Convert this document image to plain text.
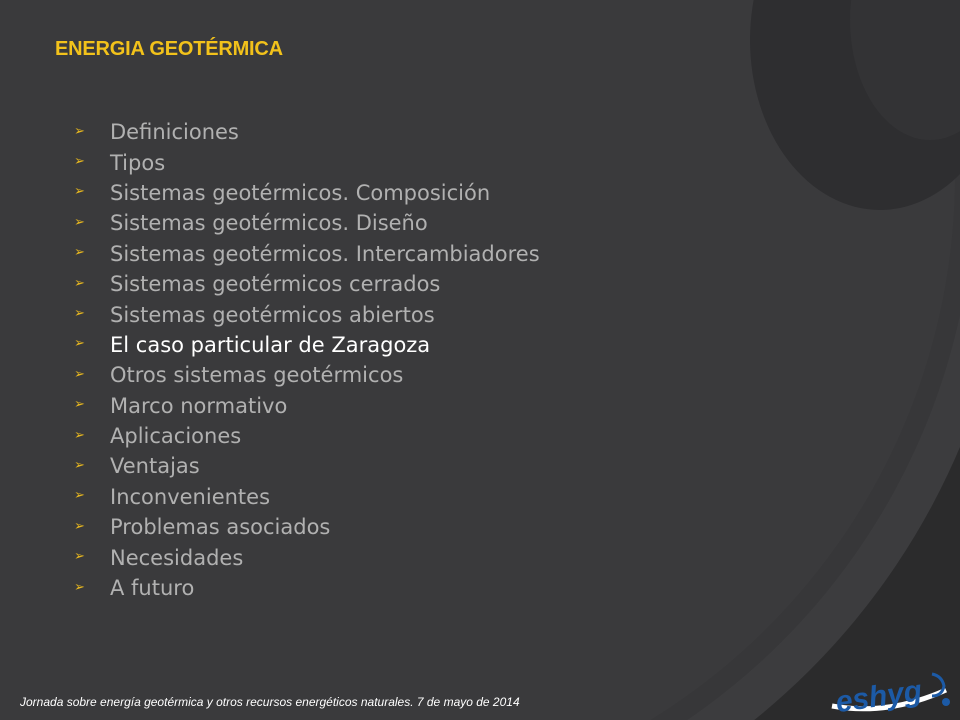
ENERGIA GEOTÉRMICA
➢	Definiciones
➢	Tipos
➢	Sistemas geotérmicos. Composición
➢	Sistemas geotérmicos. Diseño
➢	Sistemas geotérmicos. Intercambiadores
➢	Sistemas geotérmicos cerrados
➢	Sistemas geotérmicos abiertos
➢	El caso particular de Zaragoza
➢	Otros sistemas geotérmicos
➢	Marco normativo
➢	Aplicaciones
➢	Ventajas
➢	Inconvenientes
➢	Problemas asociados
➢	Necesidades
➢	A futuro
Jornada sobre energía geotérmica y otros recursos energéticos naturales. 7 de mayo de 2014	eshyg
